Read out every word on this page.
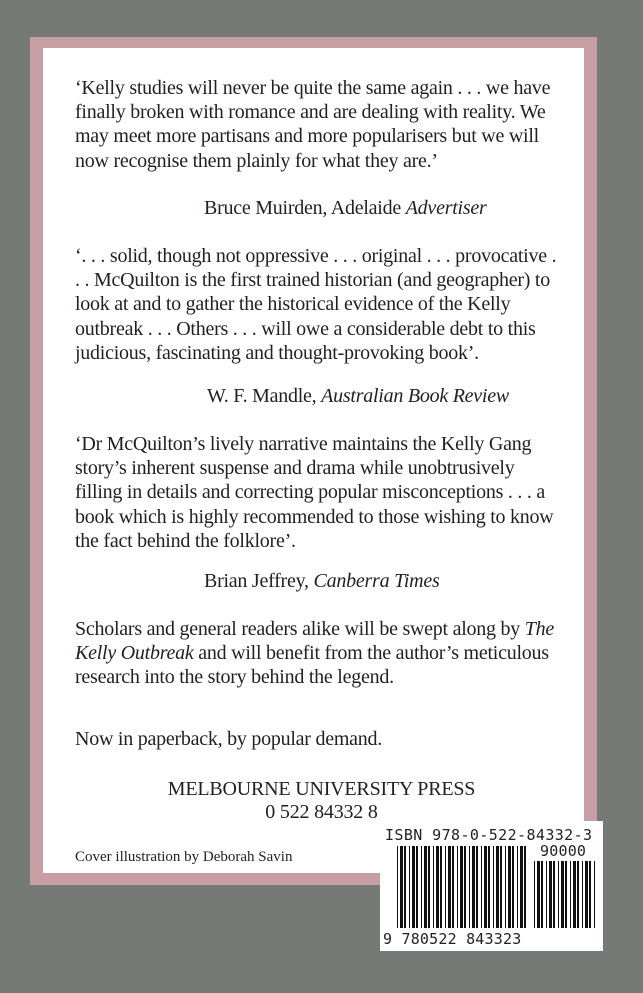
‘Kelly studies will never be quite the same again . . . we have finally broken with romance and are dealing with reality. We may meet more partisans and more popularisers but we will now recognise them plainly for what they are.’

Bruce Muirden, Adelaide Advertiser

‘. . . solid, though not oppressive . . . original . . . provocative . . . McQuilton is the first trained historian (and geographer) to look at and to gather the historical evidence of the Kelly outbreak . . . Others . . . will owe a considerable debt to this judicious, fascinating and thought-provoking book’.

W. F. Mandle, Australian Book Review

‘Dr McQuilton’s lively narrative maintains the Kelly Gang story’s inherent suspense and drama while unobtrusively filling in details and correcting popular misconceptions . . . a book which is highly recommended to those wishing to know the fact behind the folklore’.

Brian Jeffrey, Canberra Times

Scholars and general readers alike will be swept along by The Kelly Outbreak and will benefit from the author’s meticulous research into the story behind the legend.

Now in paperback, by popular demand.

MELBOURNE UNIVERSITY PRESS

0 522 84332 8

Cover illustration by Deborah Savin

ISBN 978-0-522-84332-3

90000

9 780522 843323
